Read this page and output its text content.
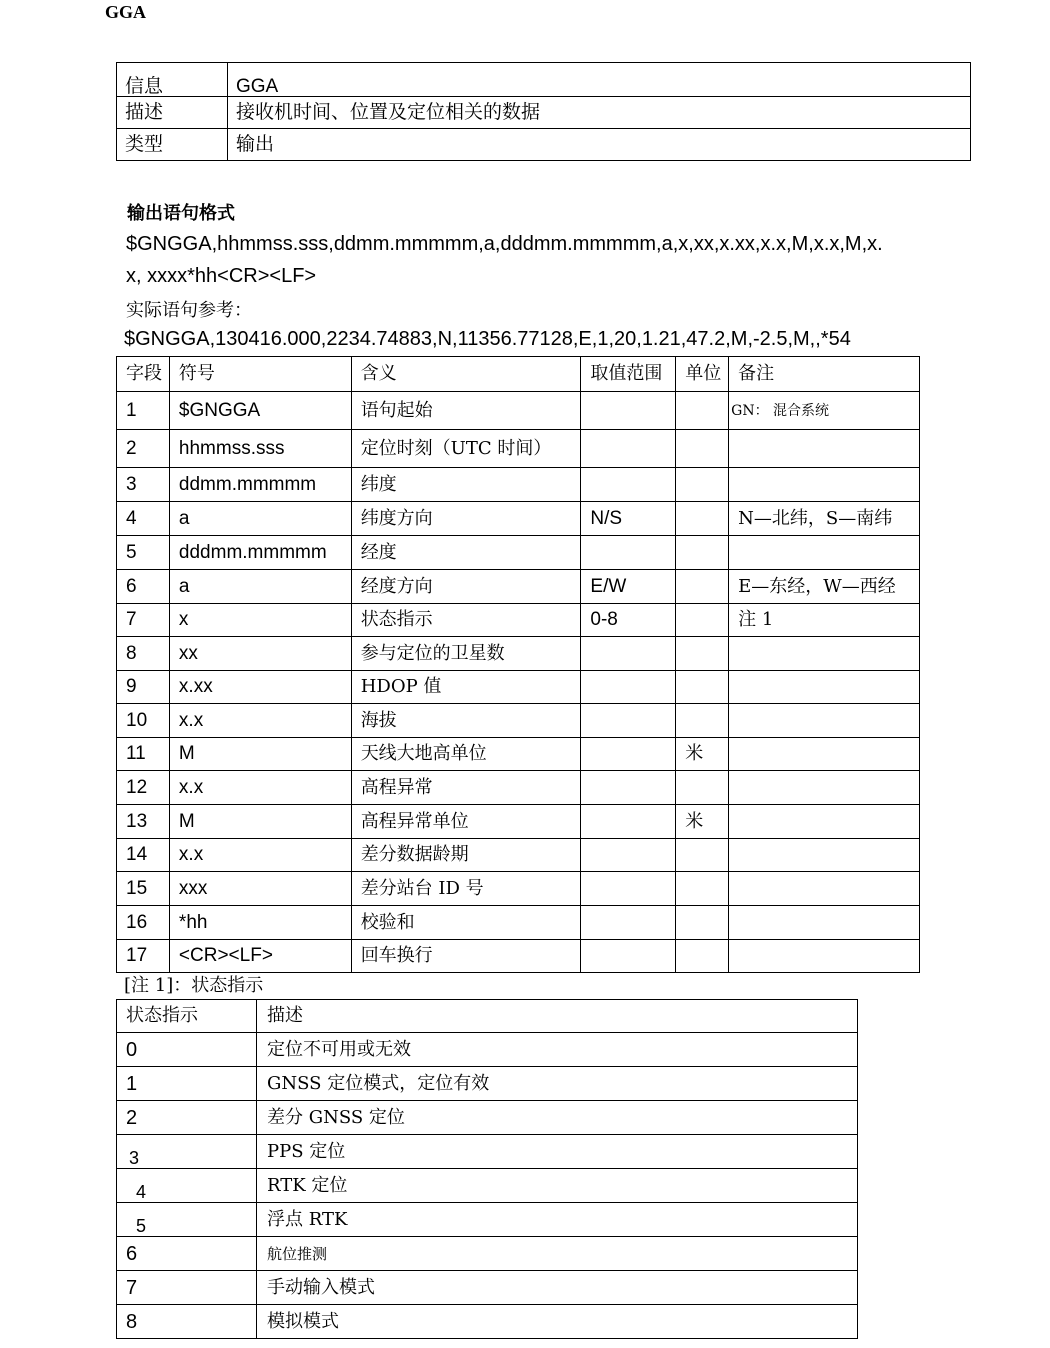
GGA
信息	GGA
描述	接收机时间、位置及定位相关的数据
类型	输出
输出语句格式
$GNGGA,hhmmss.sss,ddmm.mmmmm,a,dddmm.mmmmm,a,x,xx,x.xx,x.x,M,x.x,M,x.
x, xxxx*hh<CR><LF>
实际语句参考：
$GNGGA,130416.000,2234.74883,N,11356.77128,E,1,20,1.21,47.2,M,-2.5,M,,*54
字段	符号	含义	取值范围	单位	备注
1	$GNGGA	语句起始			GN： 混合系统
2	hhmmss.sss	定位时刻（UTC 时间）			
3	ddmm.mmmmm	纬度			
4	a	纬度方向	N/S		N—北纬，S—南纬
5	dddmm.mmmmm	经度			
6	a	经度方向	E/W		E—东经，W—西经
7	x	状态指示	0-8		注 1
8	xx	参与定位的卫星数			
9	x.xx	HDOP 值			
10	x.x	海拔			
11	M	天线大地高单位		米	
12	x.x	高程异常			
13	M	高程异常单位		米	
14	x.x	差分数据龄期			
15	xxx	差分站台 ID 号			
16	*hh	校验和			
17	<CR><LF>	回车换行			
[注 1]：状态指示
状态指示	描述
0	定位不可用或无效
1	GNSS 定位模式，定位有效
2	差分 GNSS 定位
3	PPS 定位
4	RTK 定位
5	浮点 RTK
6	航位推测
7	手动输入模式
8	模拟模式
